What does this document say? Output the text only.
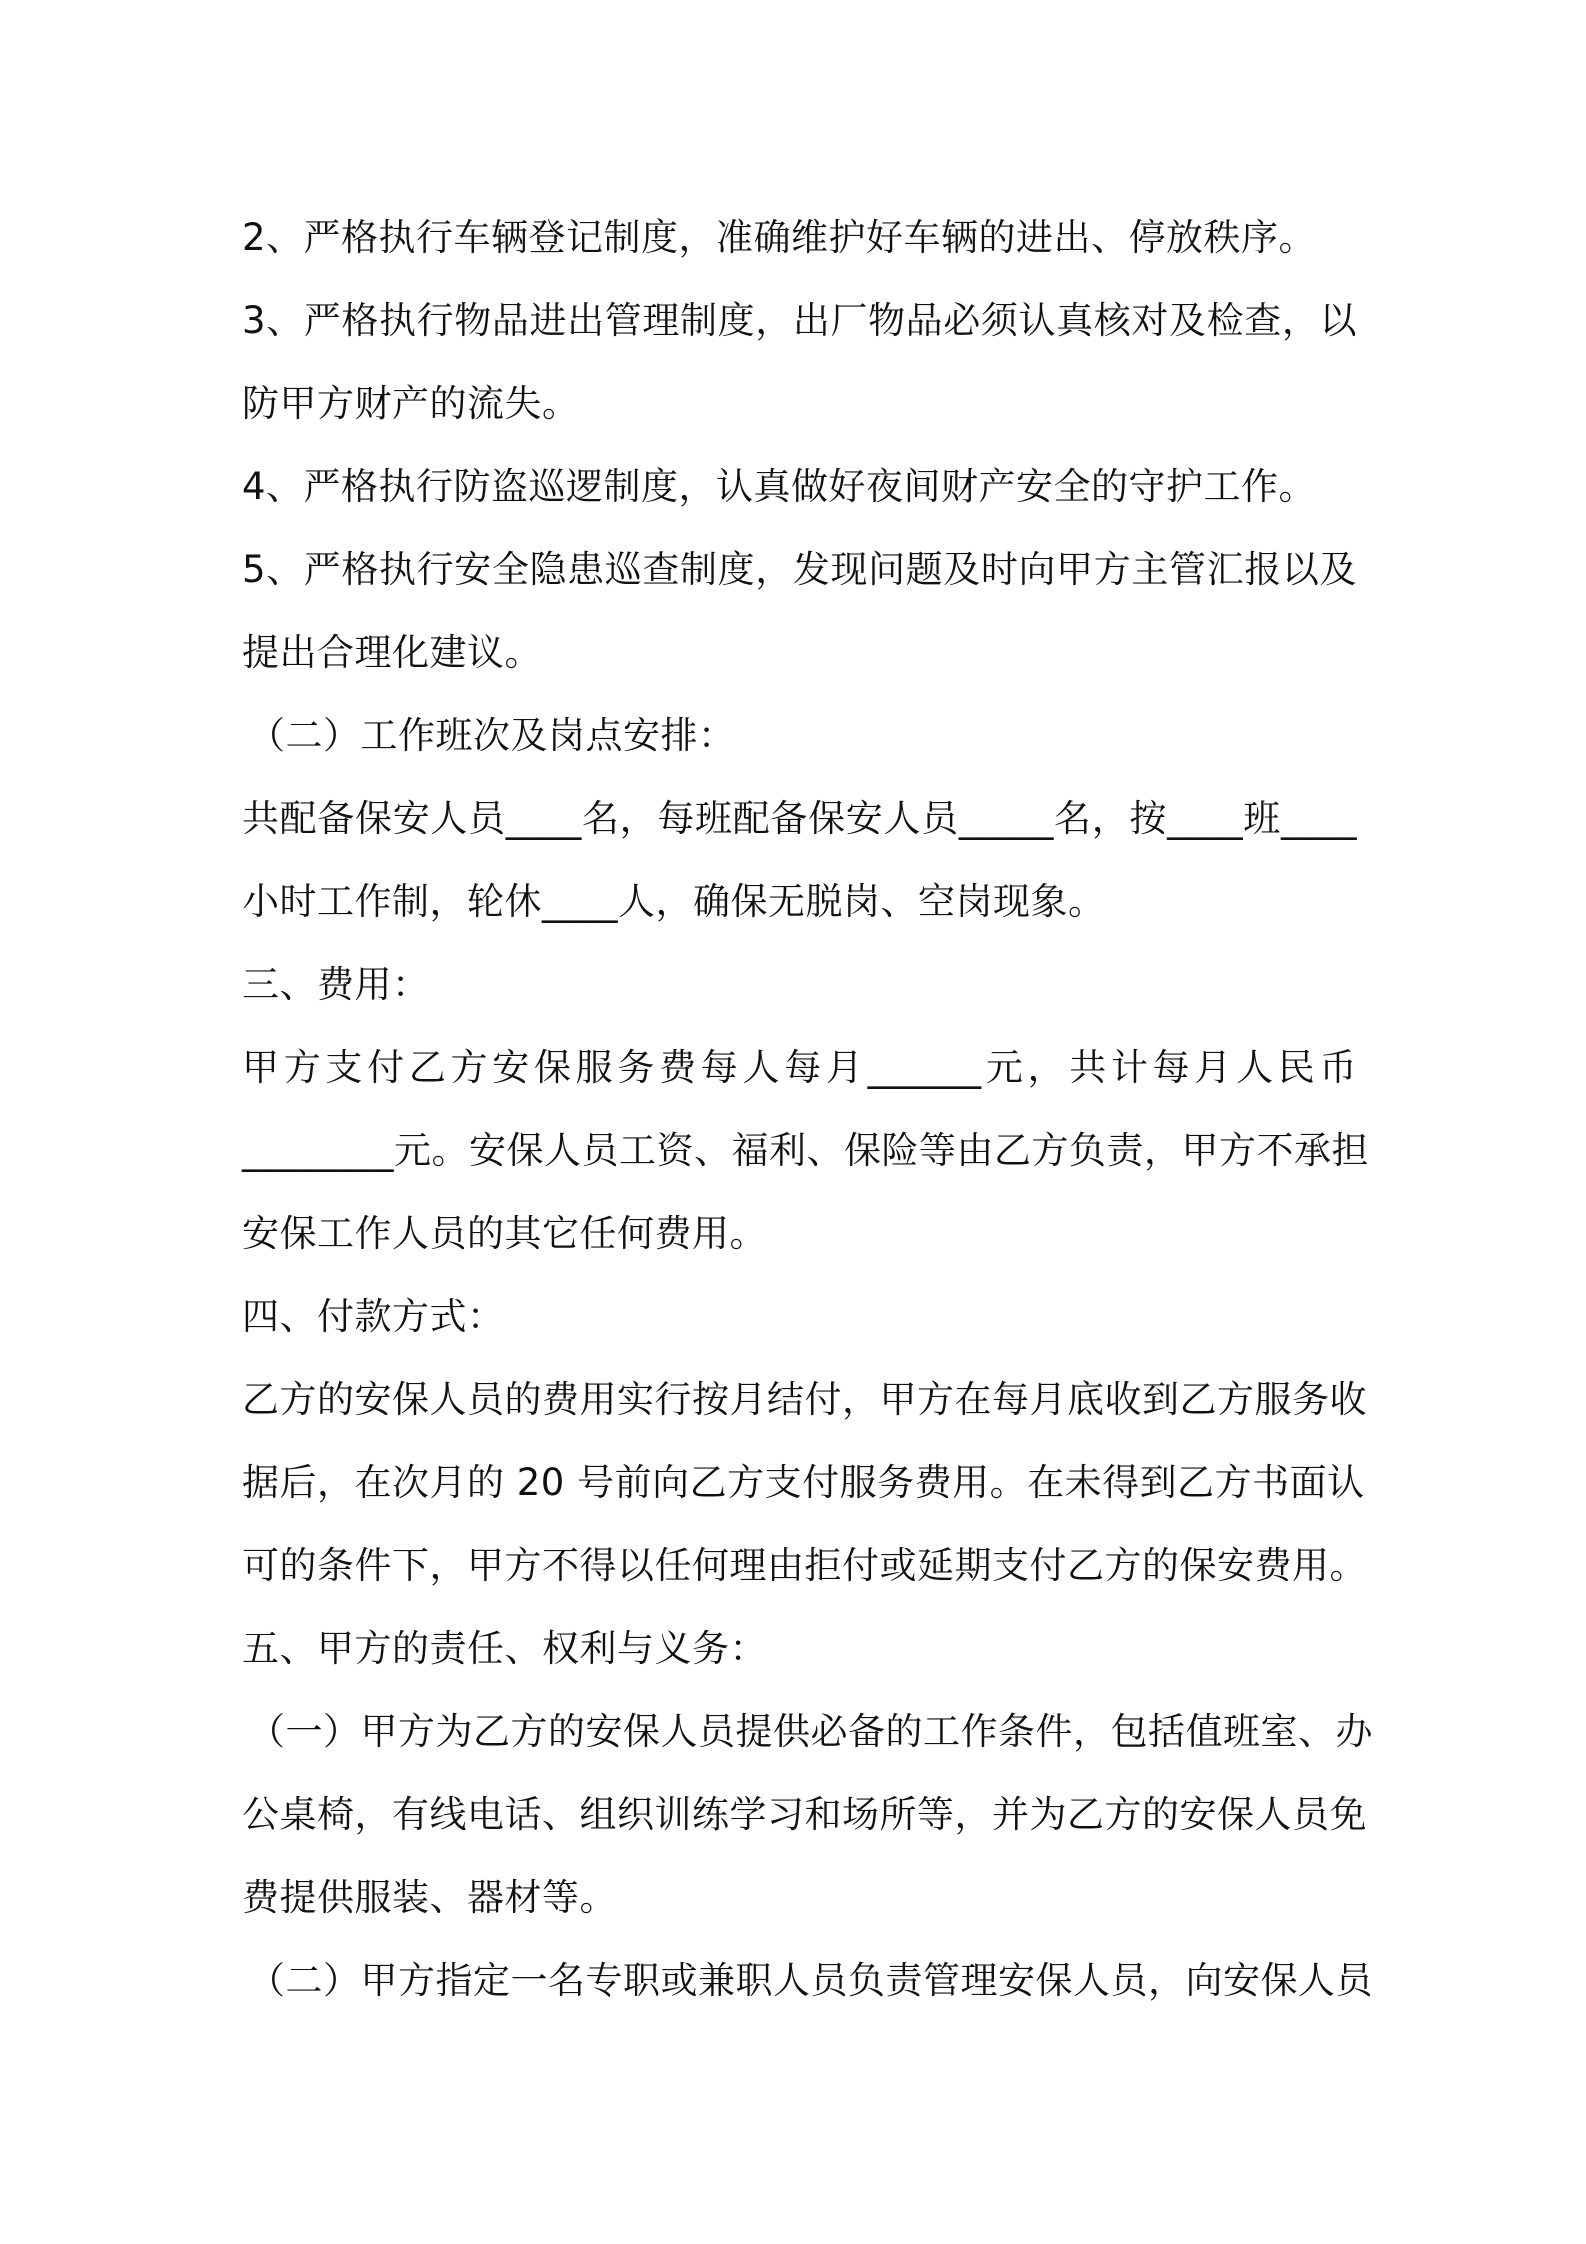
2、严格执行车辆登记制度，准确维护好车辆的进出、停放秩序。
3、严格执行物品进出管理制度，出厂物品必须认真核对及检查，以
防甲方财产的流失。
4、严格执行防盗巡逻制度，认真做好夜间财产安全的守护工作。
5、严格执行安全隐患巡查制度，发现问题及时向甲方主管汇报以及
提出合理化建议。
（二）工作班次及岗点安排：
共配备保安人员____名，每班配备保安人员_____名，按____班____
小时工作制，轮休____人，确保无脱岗、空岗现象。
三、费用：
甲方支付乙方安保服务费每人每月______元，共计每月人民币
________元。安保人员工资、福利、保险等由乙方负责，甲方不承担
安保工作人员的其它任何费用。
四、付款方式：
乙方的安保人员的费用实行按月结付，甲方在每月底收到乙方服务收
据后，在次月的 20 号前向乙方支付服务费用。在未得到乙方书面认
可的条件下，甲方不得以任何理由拒付或延期支付乙方的保安费用。
五、甲方的责任、权利与义务：
（一）甲方为乙方的安保人员提供必备的工作条件，包括值班室、办
公桌椅，有线电话、组织训练学习和场所等，并为乙方的安保人员免
费提供服装、器材等。
（二）甲方指定一名专职或兼职人员负责管理安保人员，向安保人员
